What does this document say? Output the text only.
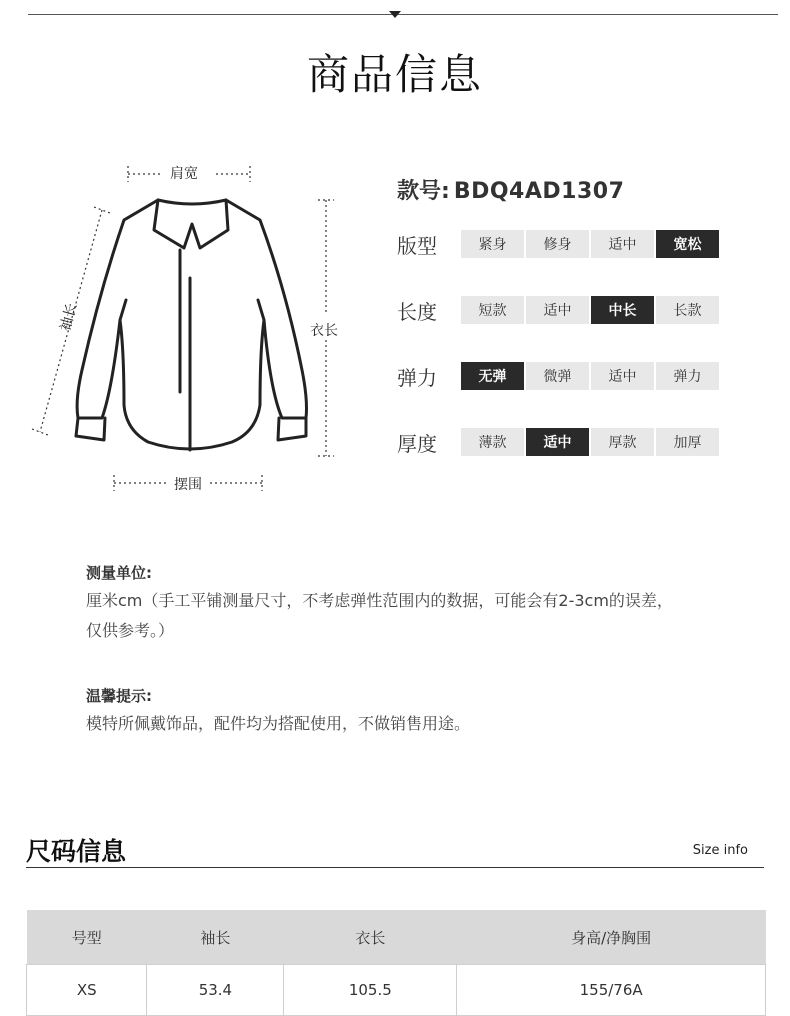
商品信息
肩宽
袖长	衣长
摆围
款号: BDQ4AD1307
版型	紧身	修身	适中	宽松
长度	短款	适中	中长	长款
弹力	无弹	微弹	适中	弹力
厚度	薄款	适中	厚款	加厚
测量单位:
厘米cm（手工平铺测量尺寸，不考虑弹性范围内的数据，可能会有2-3cm的误差，仅供参考。）
温馨提示:
模特所佩戴饰品，配件均为搭配使用，不做销售用途。
尺码信息	Size info
号型	袖长	衣长	身高/净胸围
XS	53.4	105.5	155/76A
